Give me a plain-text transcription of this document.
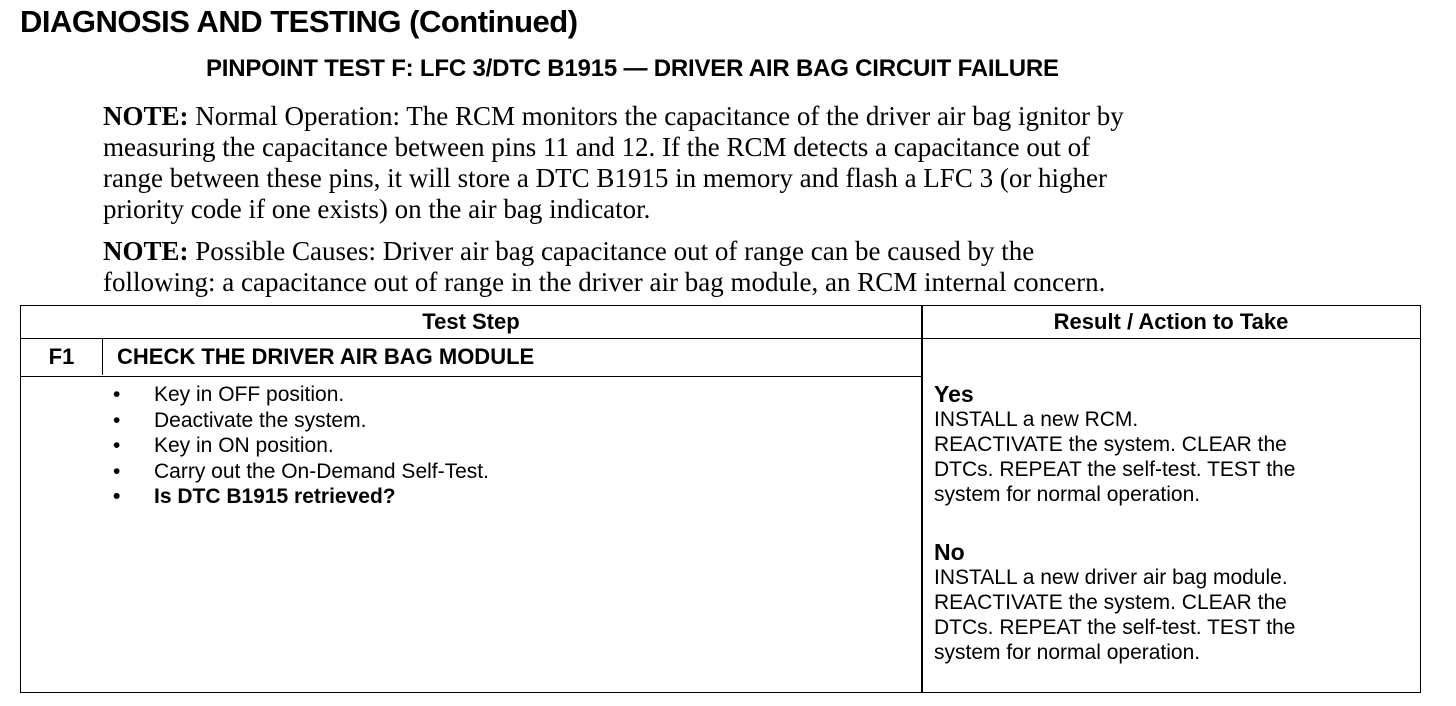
DIAGNOSIS AND TESTING (Continued)
PINPOINT TEST F: LFC 3/DTC B1915 — DRIVER AIR BAG CIRCUIT FAILURE
NOTE: Normal Operation: The RCM monitors the capacitance of the driver air bag ignitor by
measuring the capacitance between pins 11 and 12. If the RCM detects a capacitance out of
range between these pins, it will store a DTC B1915 in memory and flash a LFC 3 (or higher
priority code if one exists) on the air bag indicator.
NOTE: Possible Causes: Driver air bag capacitance out of range can be caused by the
following: a capacitance out of range in the driver air bag module, an RCM internal concern.
Test Step	Result / Action to Take
F1	CHECK THE DRIVER AIR BAG MODULE
• Key in OFF position.
• Deactivate the system.
• Key in ON position.
• Carry out the On-Demand Self-Test.
• Is DTC B1915 retrieved?
Yes
INSTALL a new RCM.
REACTIVATE the system. CLEAR the
DTCs. REPEAT the self-test. TEST the
system for normal operation.
No
INSTALL a new driver air bag module.
REACTIVATE the system. CLEAR the
DTCs. REPEAT the self-test. TEST the
system for normal operation.
